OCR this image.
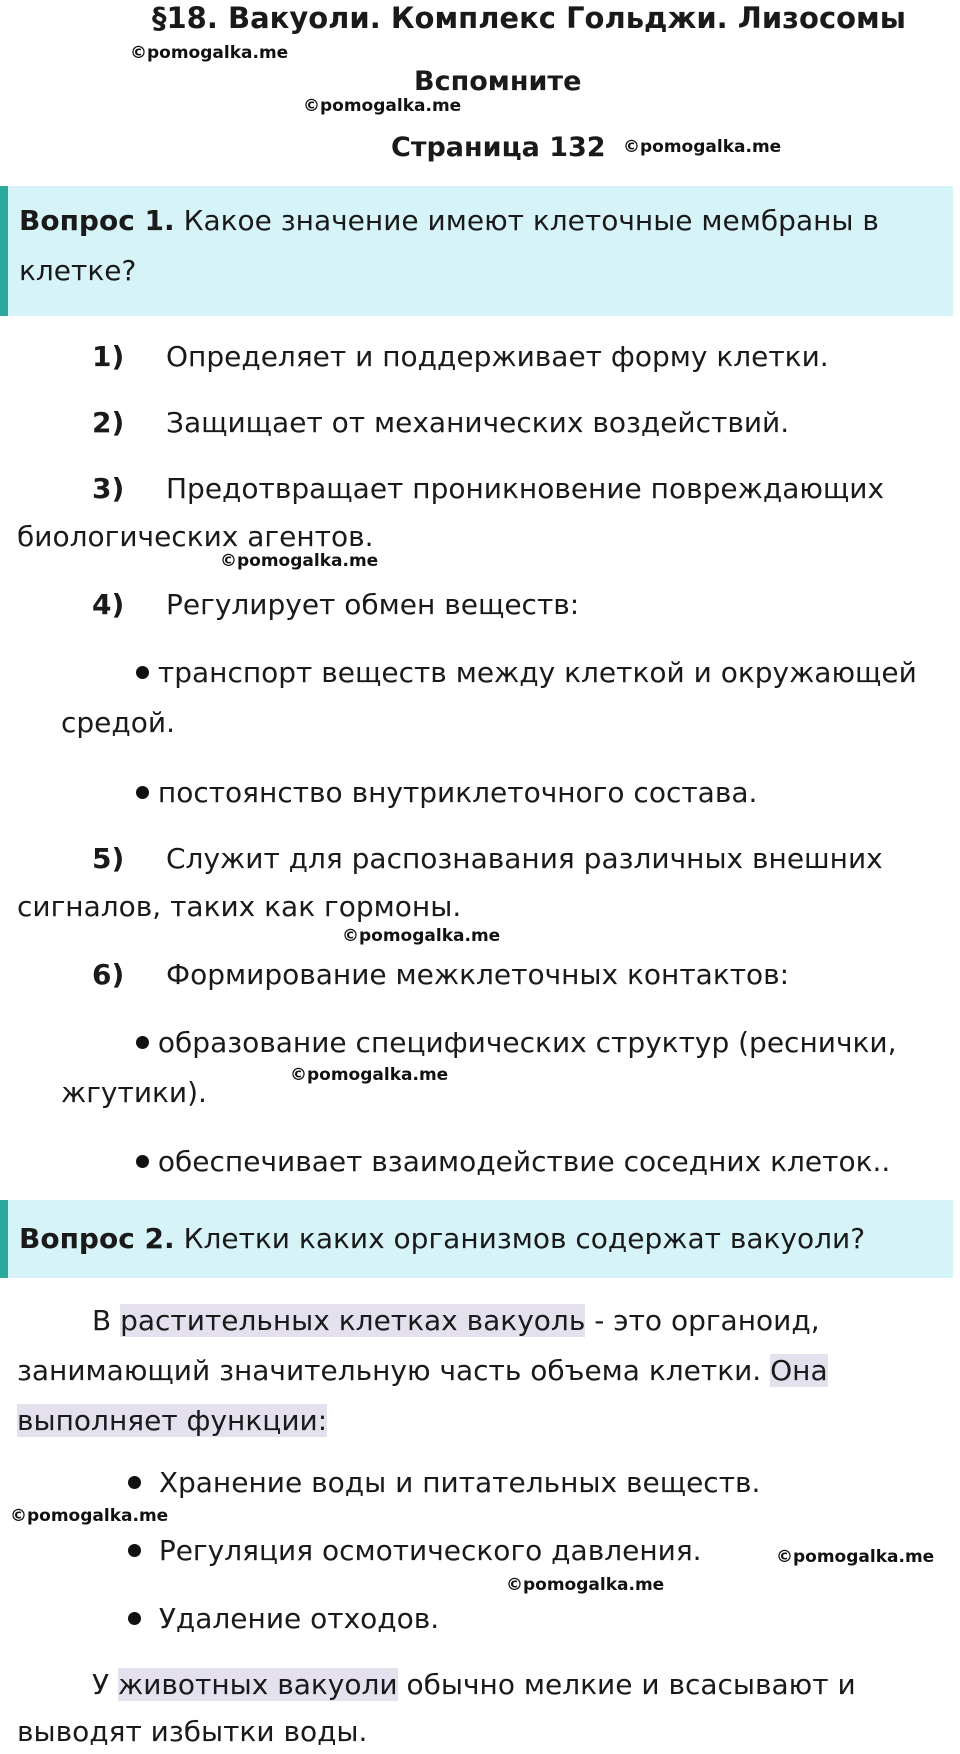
§18. Вакуоли. Комплекс Гольджи. Лизосомы
©pomogalka.me
Вспомните
©pomogalka.me
Страница 132 ©pomogalka.me
Вопрос 1. Какое значение имеют клеточные мембраны в
клетке?
1) Определяет и поддерживает форму клетки.
2) Защищает от механических воздействий.
3) Предотвращает проникновение повреждающих
биологических агентов.
©pomogalka.me
4) Регулирует обмен веществ:
транспорт веществ между клеткой и окружающей
средой.
постоянство внутриклеточного состава.
5) Служит для распознавания различных внешних
сигналов, таких как гормоны.
©pomogalka.me
6) Формирование межклеточных контактов:
образование специфических структур (реснички,
©pomogalka.me
жгутики).
обеспечивает взаимодействие соседних клеток..
Вопрос 2. Клетки каких организмов содержат вакуоли?
В растительных клетках вакуоль - это органоид,
занимающий значительную часть объема клетки. Она
выполняет функции:
Хранение воды и питательных веществ.
©pomogalka.me
Регуляция осмотического давления.	©pomogalka.me
©pomogalka.me
Удаление отходов.
У животных вакуоли обычно мелкие и всасывают и
выводят избытки воды.
